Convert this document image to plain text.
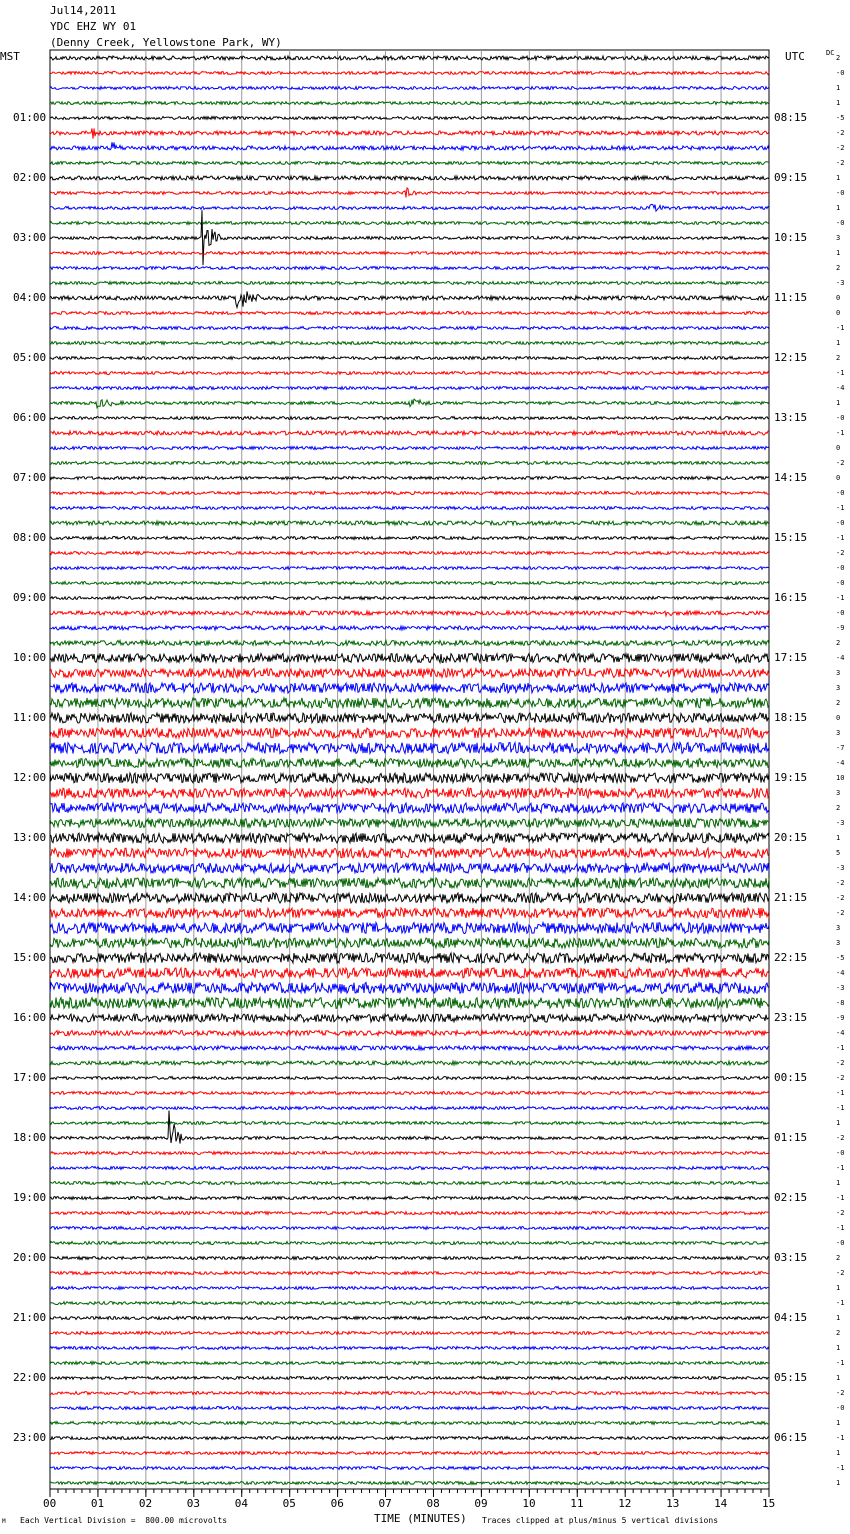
Jul14,2011
YDC EHZ WY 01
(Denny Creek, Yellowstone Park, WY)
MST	UTC	DC
00	01	02	03	04	05	06	07	08	09	10	11	12	13	14	15
01:00	08:15
02:00	09:15
03:00	10:15
04:00	11:15
05:00	12:15
06:00	13:15
07:00	14:15
08:00	15:15
09:00	16:15
10:00	17:15
11:00	18:15
12:00	19:15
13:00	20:15
14:00	21:15
15:00	22:15
16:00	23:15
17:00	00:15
18:00	01:15
19:00	02:15
20:00	03:15
21:00	04:15
22:00	05:15
23:00	06:15
2
-0
1
1
-5
-2
-2
-2
1
-0
1
-0
3
1
2
-3
0
0
-1
1
2
-1
-4
1
-0
-1
0
-2
0
-0
-1
-0
-1
-2
-0
-0
-1
-0
-9
2
-4
3
3
2
0
3
-7
-4
10
3
2
-3
1
5
-3
-2
-2
-2
3
3
-5
-4
-3
-8
-9
-4
-1
-2
-2
-1
-1
1
-2
-0
-1
1
-1
-2
-1
-0
2
-2
1
-1
1
2
1
-1
1
-2
-0
1
-1
1
-1
1
TIME (MINUTES)
Each Vertical Division =  800.00 microvolts	Traces clipped at plus/minus 5 vertical divisions
M
